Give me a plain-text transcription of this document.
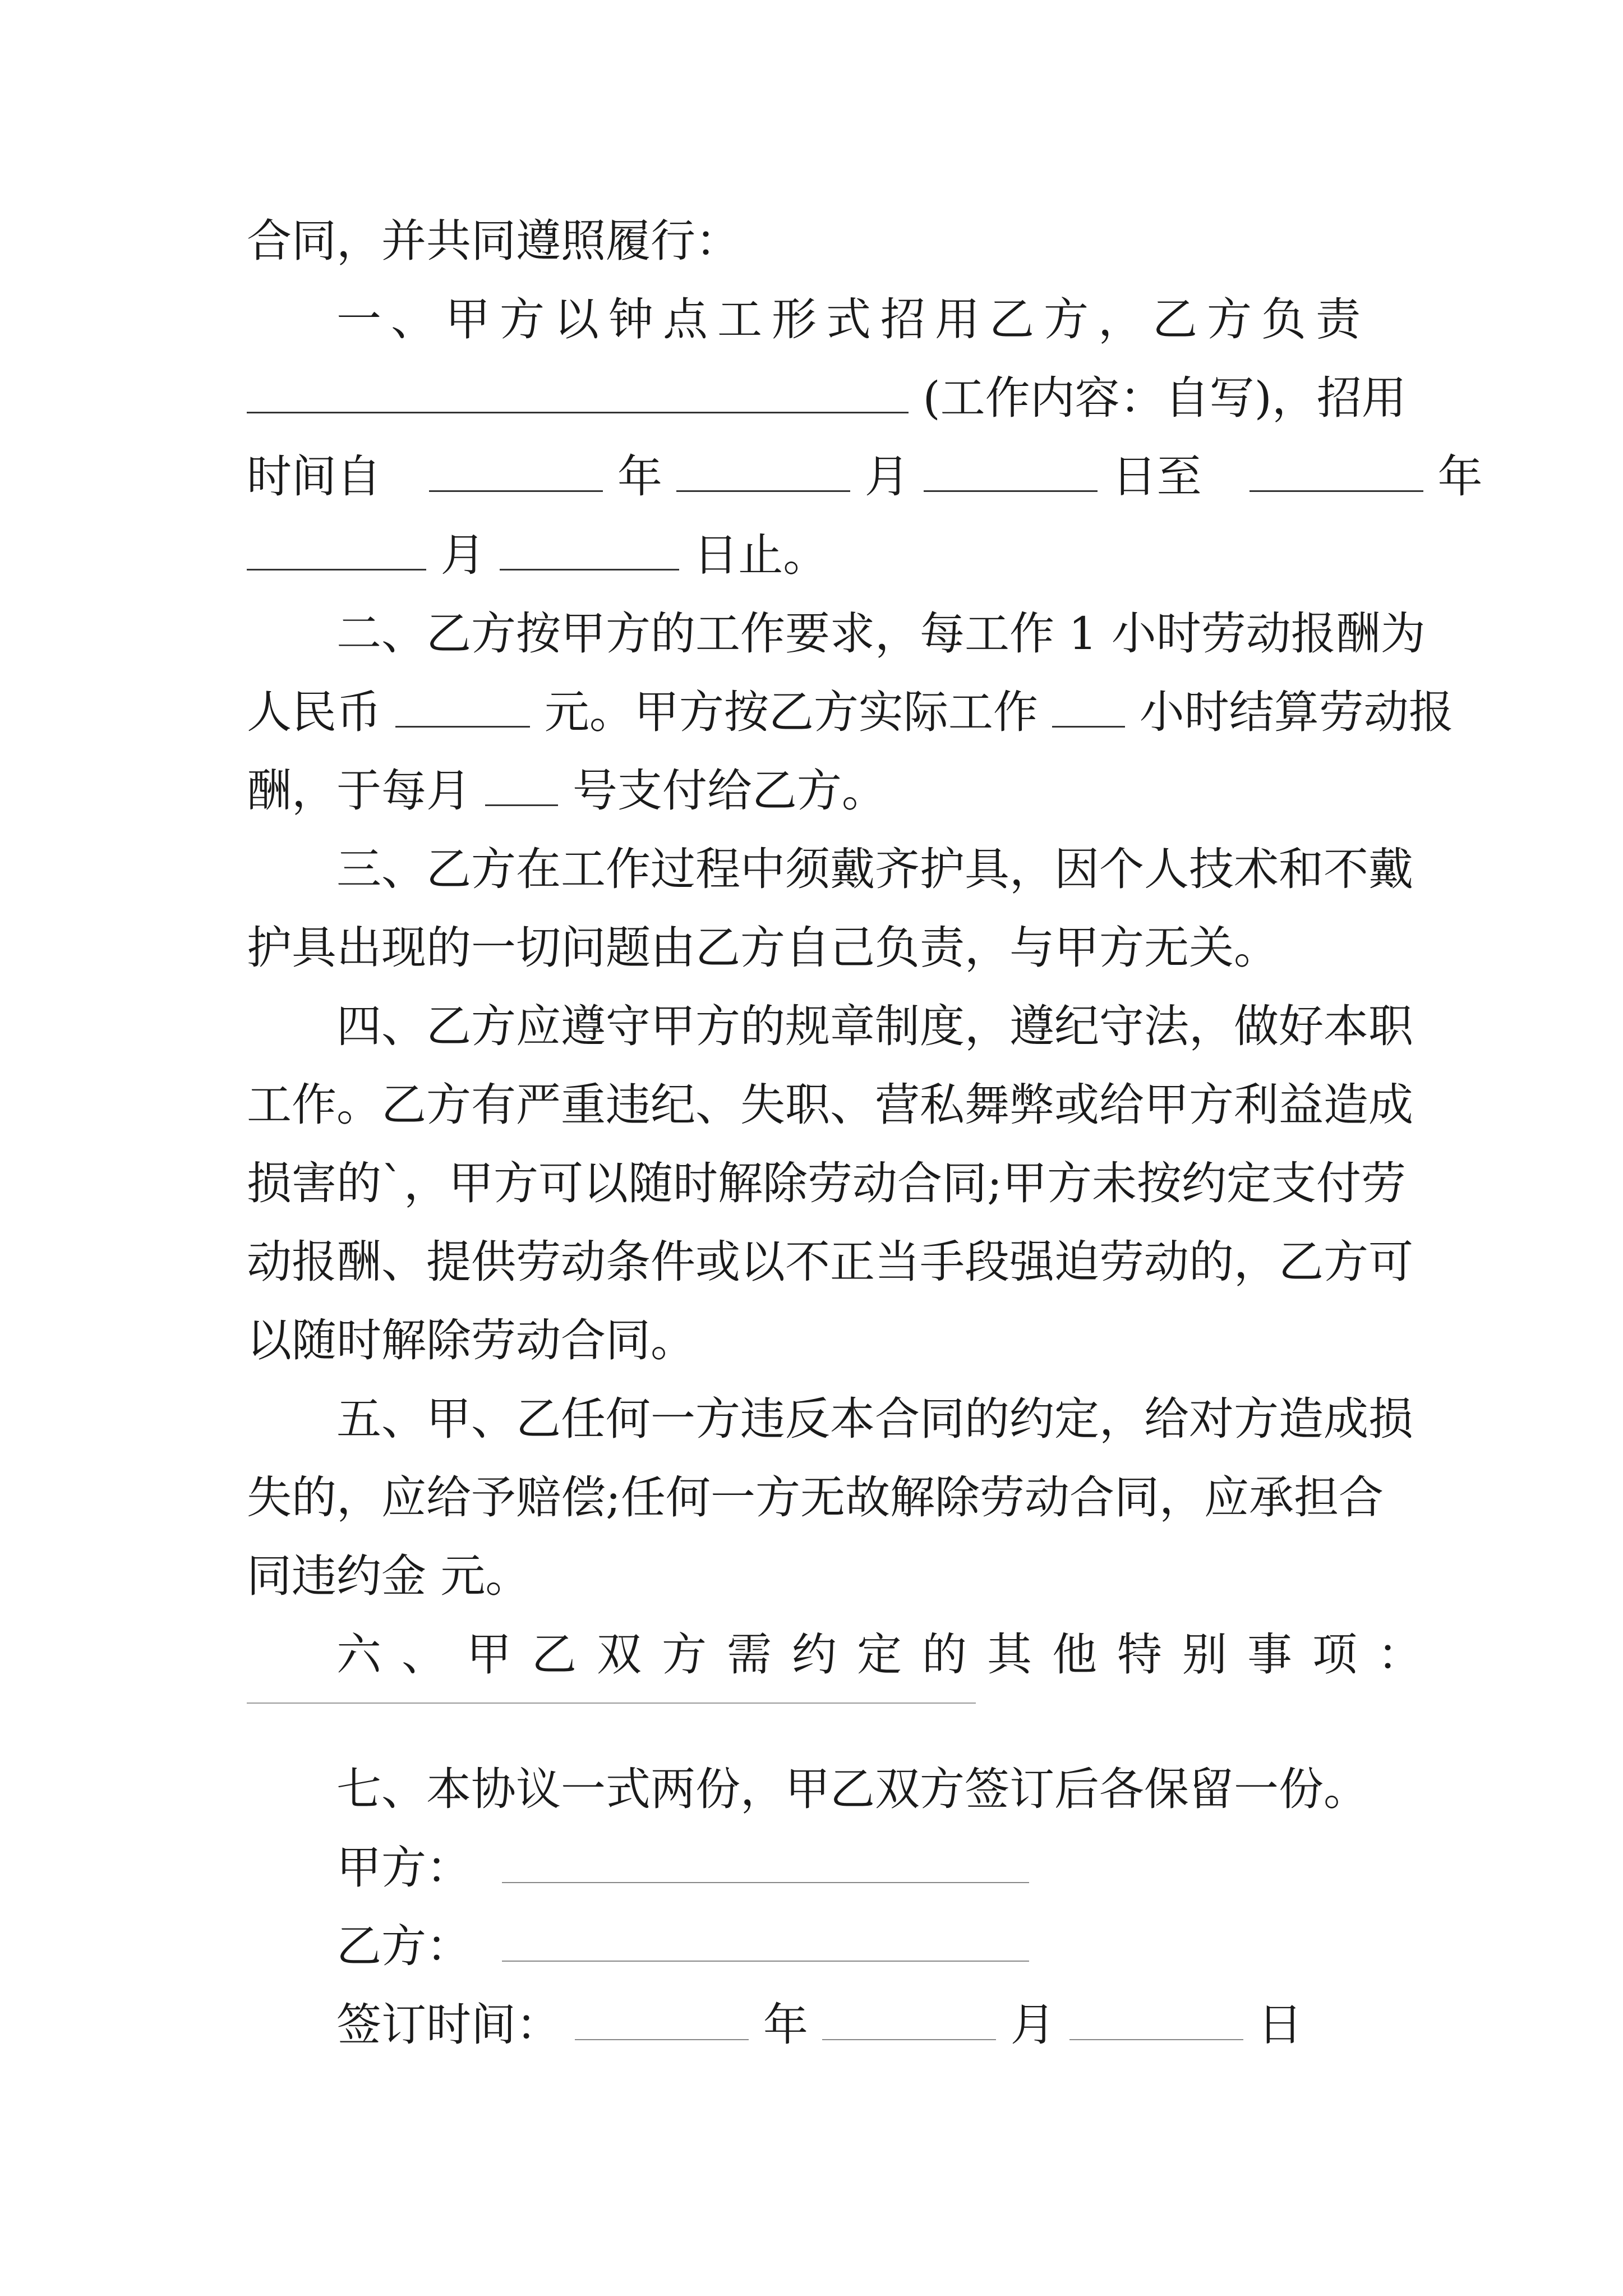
合同，并共同遵照履行：
一、甲方以钟点工形式招用乙方，乙方负责
(工作内容：自写)，招用
时间自	年	月	日至	年
月	日止。
二、乙方按甲方的工作要求，每工作 1 小时劳动报酬为
人民币	元。甲方按乙方实际工作 小时结算劳动报
酬，于每月 号支付给乙方。
三、乙方在工作过程中须戴齐护具，因个人技术和不戴
护具出现的一切问题由乙方自己负责，与甲方无关。
四、乙方应遵守甲方的规章制度，遵纪守法，做好本职
工作。乙方有严重违纪、失职、营私舞弊或给甲方利益造成
损害的`，甲方可以随时解除劳动合同;甲方未按约定支付劳
动报酬、提供劳动条件或以不正当手段强迫劳动的，乙方可
以随时解除劳动合同。
五、甲、乙任何一方违反本合同的约定，给对方造成损
失的，应给予赔偿;任何一方无故解除劳动合同，应承担合
同违约金 元。
六、甲乙双方需约定的其他特别事项：
七、本协议一式两份，甲乙双方签订后各保留一份。
甲方：
乙方：
签订时间：	年	月	日
